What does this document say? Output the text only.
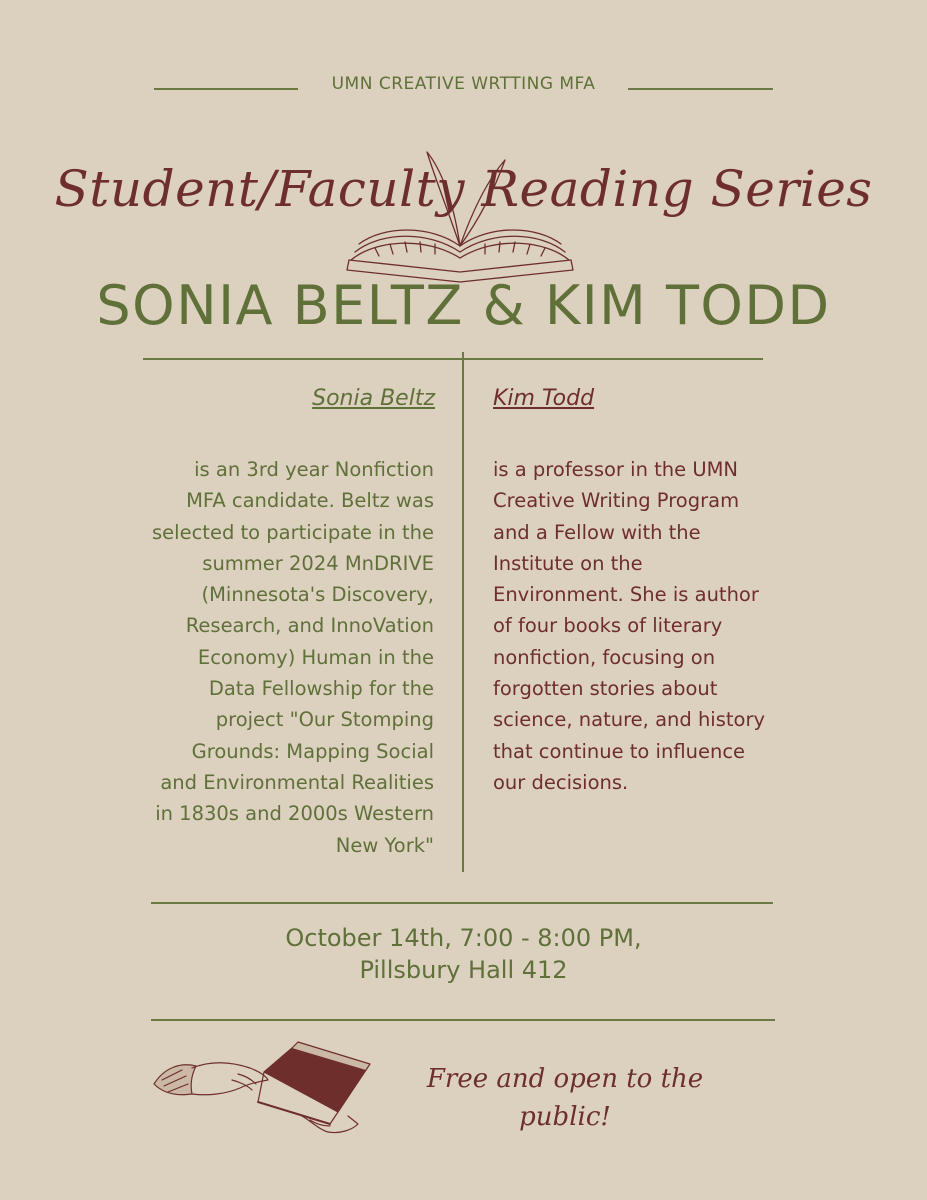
UMN CREATIVE WRTTING MFA
Student/Faculty Reading Series
SONIA BELTZ & KIM TODD
Sonia Beltz	Kim Todd
is an 3rd year Nonfiction
MFA candidate. Beltz was
selected to participate in the
summer 2024 MnDRIVE
(Minnesota's Discovery,
Research, and InnoVation
Economy) Human in the
Data Fellowship for the
project "Our Stomping
Grounds: Mapping Social
and Environmental Realities
in 1830s and 2000s Western
New York"
is a professor in the UMN
Creative Writing Program
and a Fellow with the
Institute on the
Environment. She is author
of four books of literary
nonfiction, focusing on
forgotten stories about
science, nature, and history
that continue to influence
our decisions.
October 14th, 7:00 - 8:00 PM,
Pillsbury Hall 412
Free and open to the
public!
